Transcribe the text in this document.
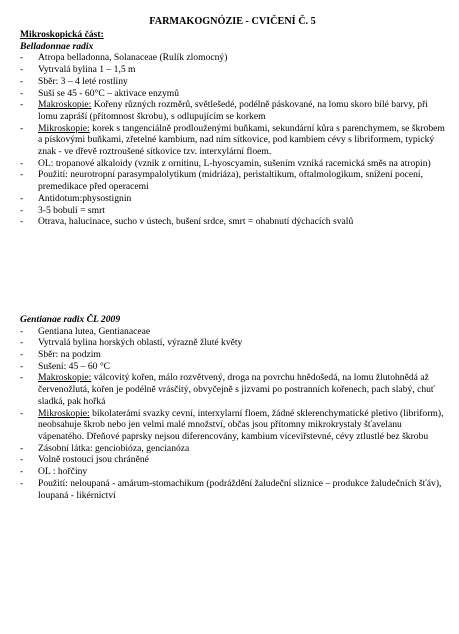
FARMAKOGNÓZIE - CVIČENÍ Č. 5
Mikroskopická část:
Belladonnae radix
- Atropa belladonna, Solanaceae (Rulík zlomocný)
- Vytrvalá bylina 1 – 1,5 m
- Sběr: 3 – 4 leté rostliny
- Suší se 45 - 60°C – aktivace enzymů
- Makroskopie: Kořeny různých rozměrů, světlešedé, podélně páskované, na lomu skoro bílé barvy, při lomu zapráší (přítomnost škrobu), s odlupujícím se korkem
- Mikroskopie: korek s tangenciálně prodlouženými buňkami, sekundární kůra s parenchymem, se škrobem a pískovými buňkami, zřetelné kambium, nad ním sítkovice, pod kambiem cévy s libriformem, typický znak - ve dřevě roztroušené sítkovice tzv. interxylární floem.
- OL: tropanové alkaloidy (vznik z ornitinu, L-hyoscyamin, sušením vzniká racemická směs na atropin)
- Použití: neurotropní parasympalolytikum (midriáza), peristaltikum, oftalmologikum, snížení pocení, premedikace před operacemi
- Antidotum:physostignin
- 3-5 bobulí = smrt
- Otrava, halucinace, sucho v ústech, bušení srdce, smrt = ohabnutí dýchacích svalů
Gentianae radix ČL 2009
- Gentiana lutea, Gentianaceae
- Vytrvalá bylina horských oblastí, výrazně žluté květy
- Sběr: na podzim
- Sušení: 45 – 60 °C
- Makroskopie: válcovitý kořen, málo rozvětvený, droga na povrchu hnědošedá, na lomu žlutohnědá až červenožlutá, kořen je podélně vrásčitý, obvyčejně s jizvami po postranních kořenech, pach slabý, chuť sladká, pak hořká
- Mikroskopie: bikolaterámí svazky cevní, interxylarní floem, žádné sklerenchymatické pletivo (libriform), neobsahuje škrob nebo jen velmi malé množství, občas jsou přítomny mikrokrystaly šťavelanu vápenatého. Dřeňové paprsky nejsou diferencovány, kambium víceviřstevné, cévy ztlustlé bez škrobu
- Zásobní látka: genciobióza, gencianóza
- Volně rostoucí jsou chráněné
- OL : hořčiny
- Použití: neloupaná - amárum-stomachikum (podráždění žaludeční sliznice – produkce žaludečních šťáv), loupaná - likérnictví
